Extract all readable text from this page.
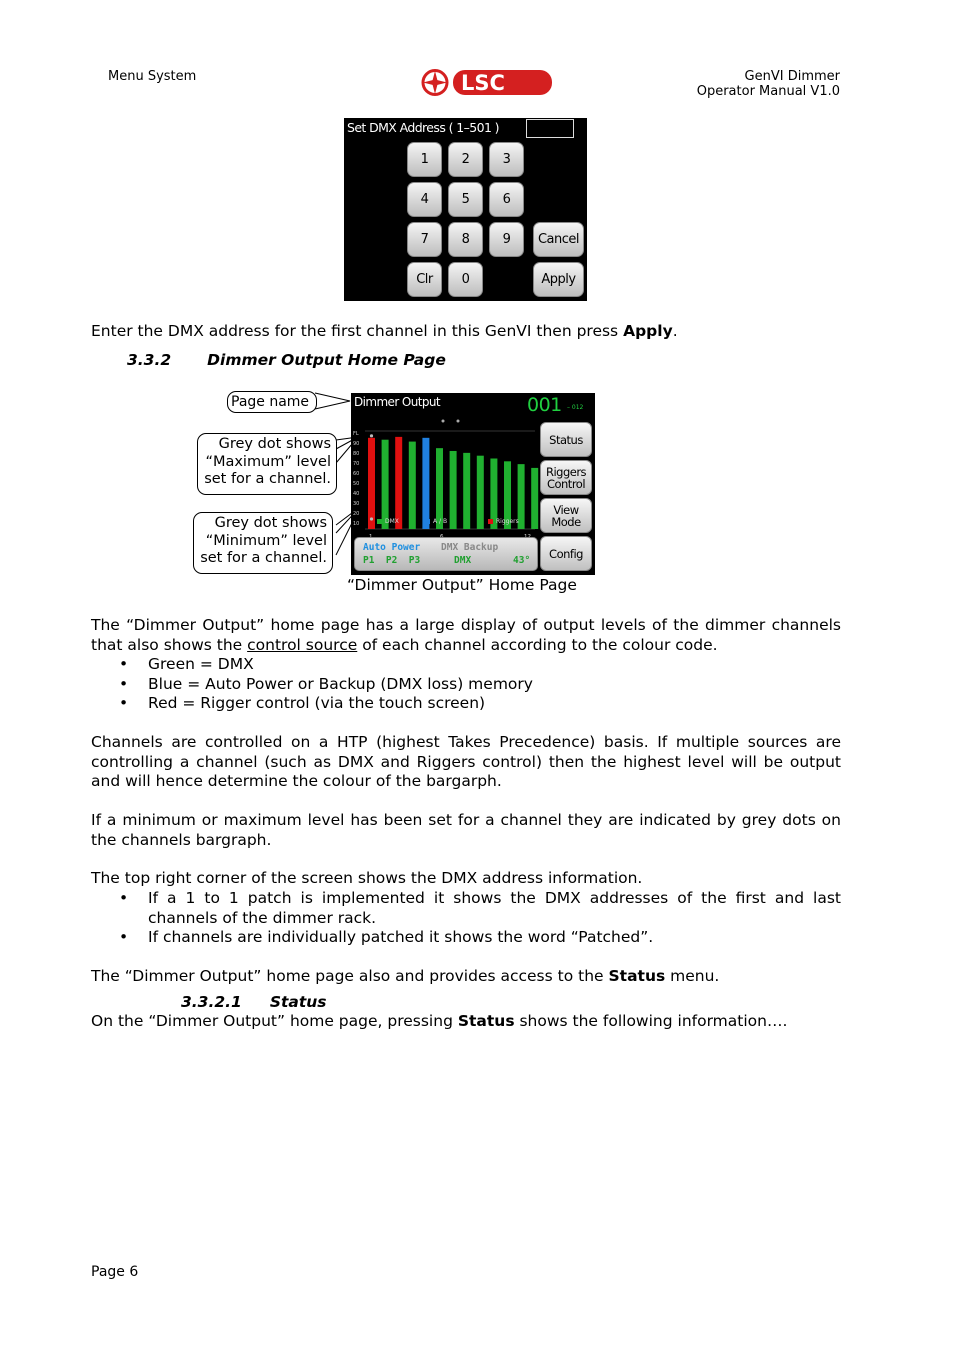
Menu System	LSC	GenVI Dimmer
Operator Manual V1.0
Set DMX Address ( 1–501 )
1	2	3
4	5	6
7	8	9
Clr	0
Cancel
Apply
Enter the DMX address for the first channel in this GenVI then press Apply.
3.3.2 Dimmer Output Home Page
Page name
Grey dot shows
“Maximum” level
set for a channel.
Grey dot shows
“Minimum” level
set for a channel.
Dimmer Output	001 – 012
FL
90
80
70
60
50
40
30
20
10	DMX	A / B	Riggers
Status
Riggers Control
View Mode
Config
Auto Power DMX Backup
P1  P2  P3	DMX	43°
“Dimmer Output” Home Page
The “Dimmer Output” home page has a large display of output levels of the dimmer channels that also shows the control source of each channel according to the colour code.
• Green = DMX
• Blue = Auto Power or Backup (DMX loss) memory
• Red = Rigger control (via the touch screen)
Channels are controlled on a HTP (highest Takes Precedence) basis. If multiple sources are controlling a channel (such as DMX and Riggers control) then the highest level will be output and will hence determine the colour of the bargarph.
If a minimum or maximum level has been set for a channel they are indicated by grey dots on the channels bargraph.
The top right corner of the screen shows the DMX address information.
• If a 1 to 1 patch is implemented it shows the DMX addresses of the first and last channels of the dimmer rack.
• If channels are individually patched it shows the word “Patched”.
The “Dimmer Output” home page also and provides access to the Status menu.
3.3.2.1 Status
On the “Dimmer Output” home page, pressing Status shows the following information….
Page 6
